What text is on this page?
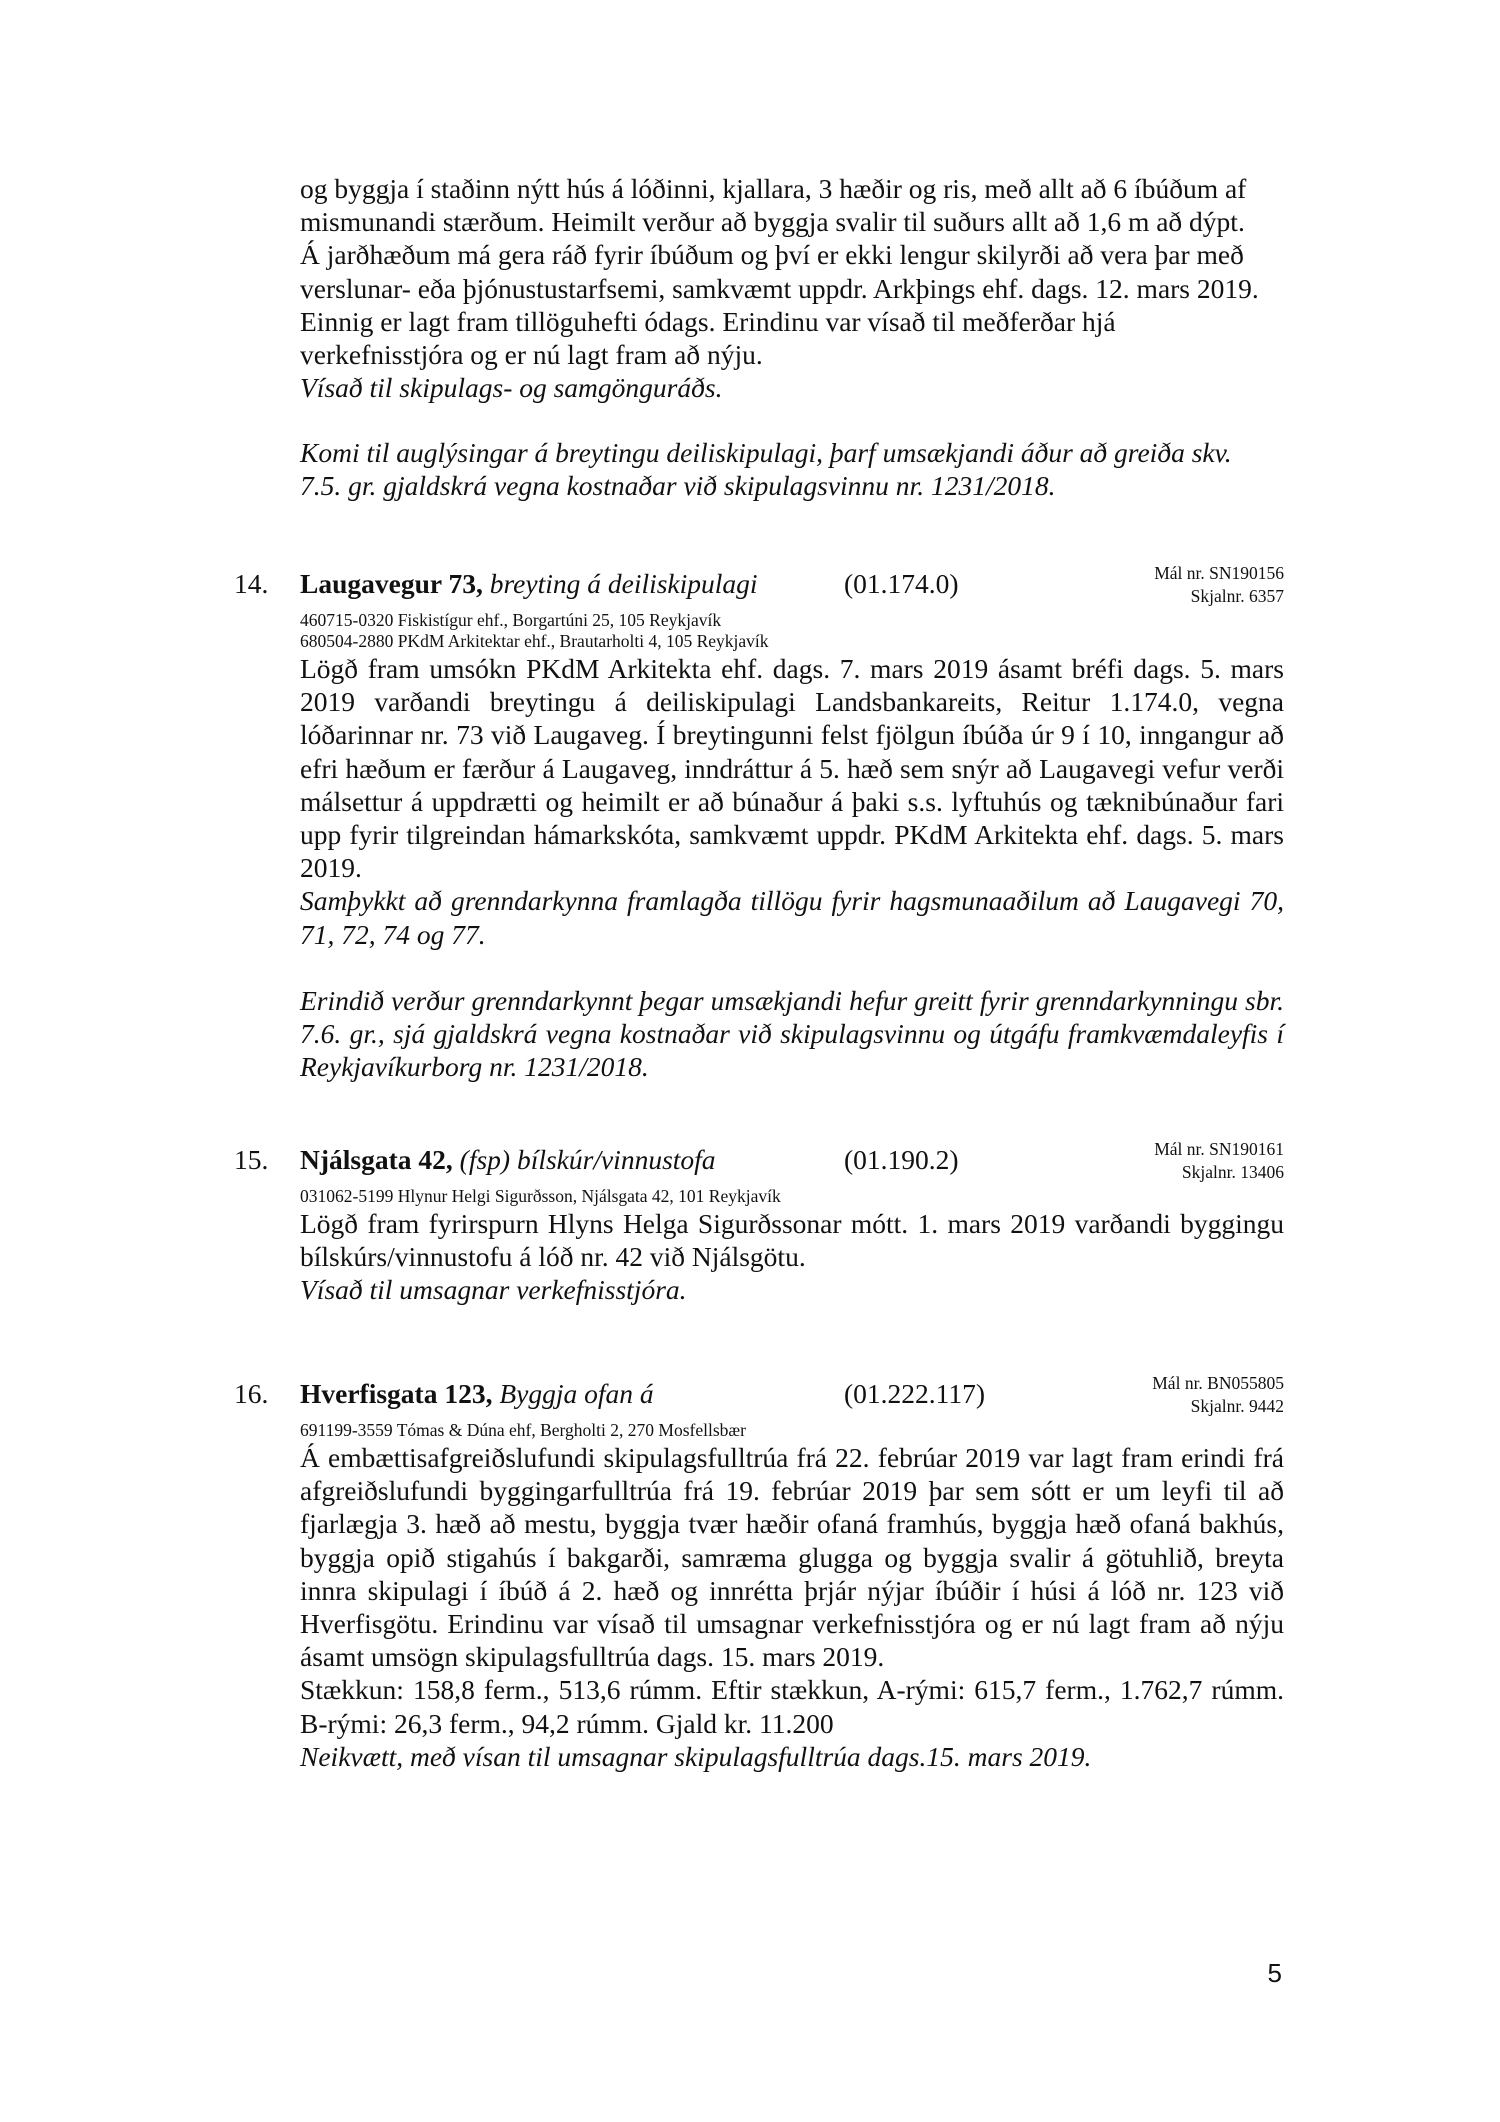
og byggja í staðinn nýtt hús á lóðinni, kjallara, 3 hæðir og ris, með allt að 6 íbúðum af
mismunandi stærðum. Heimilt verður að byggja svalir til suðurs allt að 1,6 m að dýpt.
Á jarðhæðum má gera ráð fyrir íbúðum og því er ekki lengur skilyrði að vera þar með
verslunar- eða þjónustustarfsemi, samkvæmt uppdr. Arkþings ehf. dags. 12. mars 2019.
Einnig er lagt fram tillöguhefti ódags. Erindinu var vísað til meðferðar hjá
verkefnisstjóra og er nú lagt fram að nýju.
Vísað til skipulags- og samgönguráðs.
Komi til auglýsingar á breytingu deiliskipulagi, þarf umsækjandi áður að greiða skv.
7.5. gr. gjaldskrá vegna kostnaðar við skipulagsvinnu nr. 1231/2018.
14. Laugavegur 73, breyting á deiliskipulagi	(01.174.0)	Mál nr. SN190156
Skjalnr. 6357
460715-0320 Fiskistígur ehf., Borgartúni 25, 105 Reykjavík
680504-2880 PKdM Arkitektar ehf., Brautarholti 4, 105 Reykjavík

Lögð fram umsókn PKdM Arkitekta ehf. dags. 7. mars 2019 ásamt bréfi dags. 5. mars 2019 varðandi breytingu á deiliskipulagi Landsbankareits, Reitur 1.174.0, vegna lóðarinnar nr. 73 við Laugaveg. Í breytingunni felst fjölgun íbúða úr 9 í 10, inngangur að efri hæðum er færður á Laugaveg, inndráttur á 5. hæð sem snýr að Laugavegi vefur verði málsettur á uppdrætti og heimilt er að búnaður á þaki s.s. lyftuhús og tæknibúnaður fari upp fyrir tilgreindan hámarkskóta, samkvæmt uppdr. PKdM Arkitekta ehf. dags. 5. mars 2019.

Samþykkt að grenndarkynna framlagða tillögu fyrir hagsmunaaðilum að Laugavegi 70, 71, 72, 74 og 77.

Erindið verður grenndarkynnt þegar umsækjandi hefur greitt fyrir grenndarkynningu sbr. 7.6. gr., sjá gjaldskrá vegna kostnaðar við skipulagsvinnu og útgáfu framkvæmdaleyfis í Reykjavíkurborg nr. 1231/2018.

15. Njálsgata 42, (fsp) bílskúr/vinnustofa	(01.190.2)	Mál nr. SN190161
Skjalnr. 13406
031062-5199 Hlynur Helgi Sigurðsson, Njálsgata 42, 101 Reykjavík

Lögð fram fyrirspurn Hlyns Helga Sigurðssonar mótt. 1. mars 2019 varðandi byggingu bílskúrs/vinnustofu á lóð nr. 42 við Njálsgötu.

Vísað til umsagnar verkefnisstjóra.

16. Hverfisgata 123, Byggja ofan á	(01.222.117)	Mál nr. BN055805
Skjalnr. 9442
691199-3559 Tómas & Dúna ehf, Bergholti 2, 270 Mosfellsbær

Á embættisafgreiðslufundi skipulagsfulltrúa frá 22. febrúar 2019 var lagt fram erindi frá afgreiðslufundi byggingarfulltrúa frá 19. febrúar 2019 þar sem sótt er um leyfi til að fjarlægja 3. hæð að mestu, byggja tvær hæðir ofaná framhús, byggja hæð ofaná bakhús, byggja opið stigahús í bakgarði, samræma glugga og byggja svalir á götuhlið, breyta innra skipulagi í íbúð á 2. hæð og innrétta þrjár nýjar íbúðir í húsi á lóð nr. 123 við Hverfisgötu. Erindinu var vísað til umsagnar verkefnisstjóra og er nú lagt fram að nýju ásamt umsögn skipulagsfulltrúa dags. 15. mars 2019.

Stækkun: 158,8 ferm., 513,6 rúmm. Eftir stækkun, A-rými: 615,7 ferm., 1.762,7 rúmm. B-rými: 26,3 ferm., 94,2 rúmm. Gjald kr. 11.200

Neikvætt, með vísan til umsagnar skipulagsfulltrúa dags.15. mars 2019.

5
